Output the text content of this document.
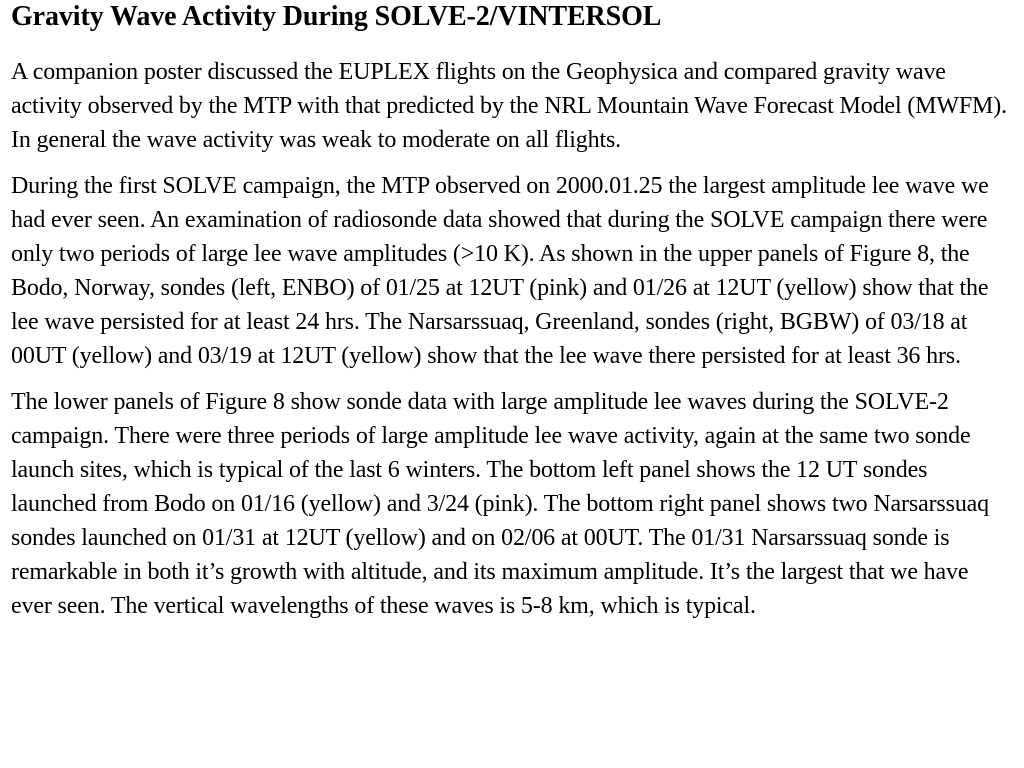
Gravity Wave Activity During SOLVE-2/VINTERSOL

A companion poster discussed the EUPLEX flights on the Geophysica and compared gravity wave activity observed by the MTP with that predicted by the NRL Mountain Wave Forecast Model (MWFM). In general the wave activity was weak to moderate on all flights.

During the first SOLVE campaign, the MTP observed on 2000.01.25 the largest amplitude lee wave we had ever seen. An examination of radiosonde data showed that during the SOLVE campaign there were only two periods of large lee wave amplitudes (>10 K). As shown in the upper panels of Figure 8, the Bodo, Norway, sondes (left, ENBO) of 01/25 at 12UT (pink) and 01/26 at 12UT (yellow) show that the lee wave persisted for at least 24 hrs. The Narsarssuaq, Greenland, sondes (right, BGBW) of 03/18 at 00UT (yellow) and 03/19 at 12UT (yellow) show that the lee wave there persisted for at least 36 hrs.

The lower panels of Figure 8 show sonde data with large amplitude lee waves during the SOLVE-2 campaign. There were three periods of large amplitude lee wave activity, again at the same two sonde launch sites, which is typical of the last 6 winters. The bottom left panel shows the 12 UT sondes launched from Bodo on 01/16 (yellow) and 3/24 (pink). The bottom right panel shows two Narsarssuaq sondes launched on 01/31 at 12UT (yellow) and on 02/06 at 00UT. The 01/31 Narsarssuaq sonde is remarkable in both it’s growth with altitude, and its maximum amplitude. It’s the largest that we have ever seen. The vertical wavelengths of these waves is 5-8 km, which is typical.
